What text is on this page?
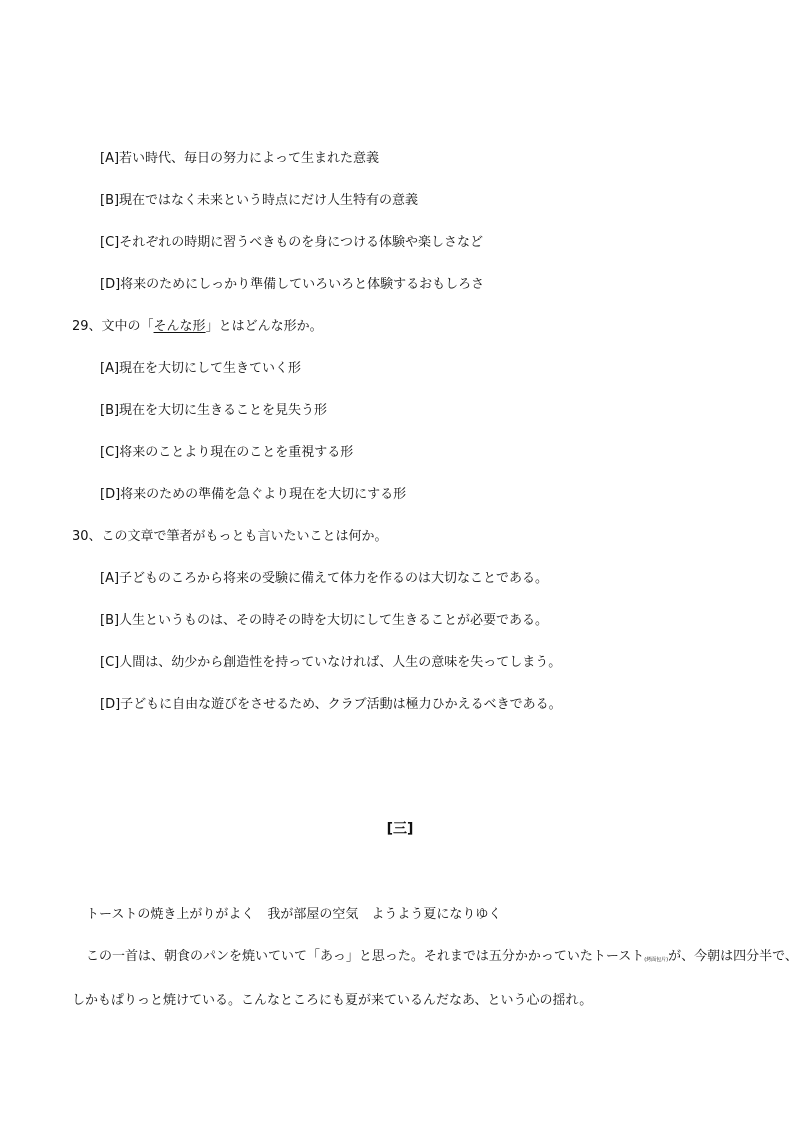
[A]若い時代、毎日の努力によって生まれた意義
[B]現在ではなく未来という時点にだけ人生特有の意義
[C]それぞれの時期に習うべきものを身につける体験や楽しさなど
[D]将来のためにしっかり準備していろいろと体験するおもしろさ
29、文中の「そんな形」とはどんな形か。
[A]現在を大切にして生きていく形
[B]現在を大切に生きることを見失う形
[C]将来のことより現在のことを重視する形
[D]将来のための準備を急ぐより現在を大切にする形
30、この文章で筆者がもっとも言いたいことは何か。
[A]子どものころから将来の受験に備えて体力を作るのは大切なことである。
[B]人生というものは、その時その時を大切にして生きることが必要である。
[C]人間は、幼少から創造性を持っていなければ、人生の意味を失ってしまう。
[D]子どもに自由な遊びをさせるため、クラブ活動は極力ひかえるべきである。
[三]
トーストの焼き上がりがよく　我が部屋の空気　ようよう夏になりゆく
この一首は、朝食のパンを焼いていて「あっ」と思った。それまでは五分かかっていたトースト(烤面包片)が、今朝は四分半で、
しかもぱりっと焼けている。こんなところにも夏が来ているんだなあ、という心の揺れ。
